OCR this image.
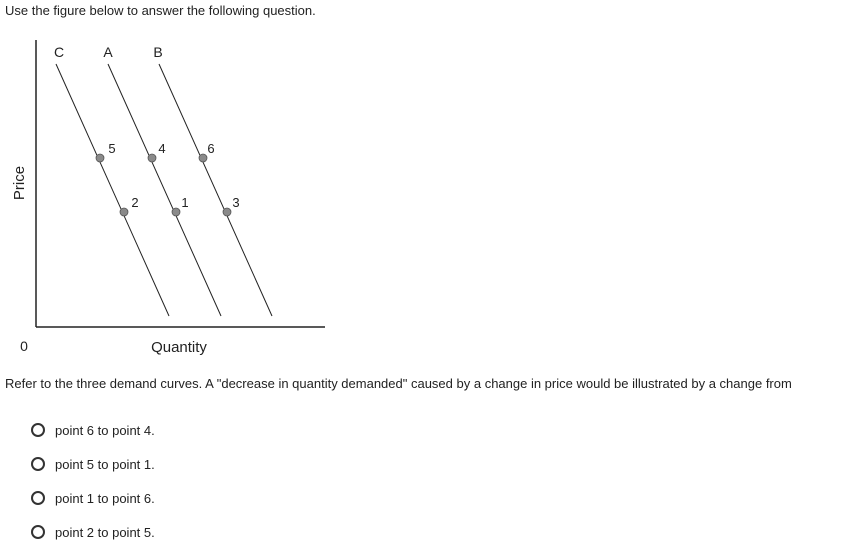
Use the figure below to answer the following question.
Price
Quantity
0
C
5
2
A
4
1
B
6
3
Refer to the three demand curves. A "decrease in quantity demanded" caused by a change in price would be illustrated by a change from
point 6 to point 4.
point 5 to point 1.
point 1 to point 6.
point 2 to point 5.
